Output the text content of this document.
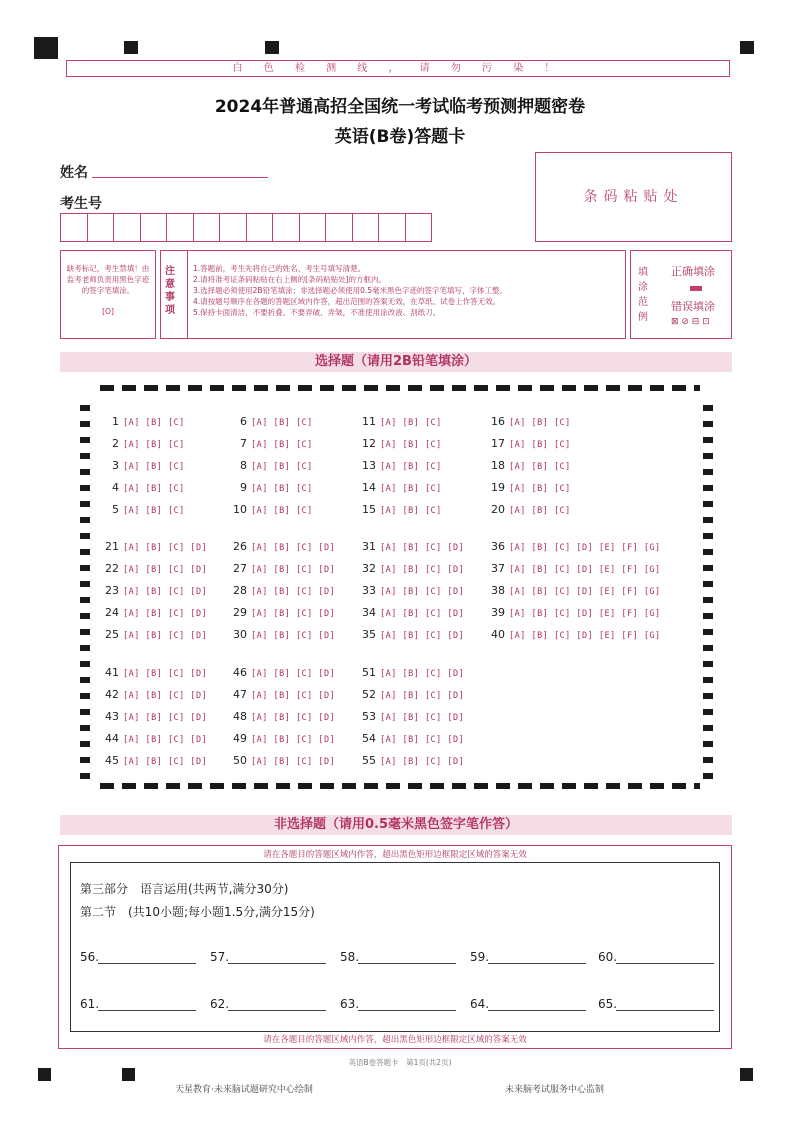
白 色 检 测 线 ， 请 勿 污 染 ！
2024年普通高招全国统一考试临考预测押题密卷
英语(B卷)答题卡
姓名
考生号	条码粘贴处
缺考标记，考生禁填！由监考老师负责用黑色字迹的签字笔填涂。
[O]
注意事项
1.答题前，考生先将自己的姓名、考生号填写清楚。
2.请将准考证条码粘贴在右上侧的[条码粘贴处]的方框内。
3.选择题必须使用2B铅笔填涂；非选择题必须使用0.5毫米黑色字迹的签字笔填写，字体工整。
4.请按题号顺序在各题的答题区域内作答，超出范围的答案无效，在草纸、试卷上作答无效。
5.保持卡面清洁，不要折叠、不要弄破、弄皱，不准使用涂改液、刮纸刀。
填涂范例
正确填涂
错误填涂
⊠ ⊘ ⊟ ⊡
选择题（请用2B铅笔填涂）
1 [A] [B] [C]
2 [A] [B] [C]
3 [A] [B] [C]
4 [A] [B] [C]
5 [A] [B] [C]
6 [A] [B] [C]
7 [A] [B] [C]
8 [A] [B] [C]
9 [A] [B] [C]
10 [A] [B] [C]
11 [A] [B] [C]
12 [A] [B] [C]
13 [A] [B] [C]
14 [A] [B] [C]
15 [A] [B] [C]
16 [A] [B] [C]
17 [A] [B] [C]
18 [A] [B] [C]
19 [A] [B] [C]
20 [A] [B] [C]
21 [A] [B] [C] [D]
22 [A] [B] [C] [D]
23 [A] [B] [C] [D]
24 [A] [B] [C] [D]
25 [A] [B] [C] [D]
26 [A] [B] [C] [D]
27 [A] [B] [C] [D]
28 [A] [B] [C] [D]
29 [A] [B] [C] [D]
30 [A] [B] [C] [D]
31 [A] [B] [C] [D]
32 [A] [B] [C] [D]
33 [A] [B] [C] [D]
34 [A] [B] [C] [D]
35 [A] [B] [C] [D]
36 [A] [B] [C] [D] [E] [F] [G]
37 [A] [B] [C] [D] [E] [F] [G]
38 [A] [B] [C] [D] [E] [F] [G]
39 [A] [B] [C] [D] [E] [F] [G]
40 [A] [B] [C] [D] [E] [F] [G]
41 [A] [B] [C] [D]
42 [A] [B] [C] [D]
43 [A] [B] [C] [D]
44 [A] [B] [C] [D]
45 [A] [B] [C] [D]
46 [A] [B] [C] [D]
47 [A] [B] [C] [D]
48 [A] [B] [C] [D]
49 [A] [B] [C] [D]
50 [A] [B] [C] [D]
51 [A] [B] [C] [D]
52 [A] [B] [C] [D]
53 [A] [B] [C] [D]
54 [A] [B] [C] [D]
55 [A] [B] [C] [D]
非选择题（请用0.5毫米黑色签字笔作答）
请在各题目的答题区域内作答，超出黑色矩形边框限定区域的答案无效
第三部分　语言运用(共两节,满分30分)
第二节　(共10小题;每小题1.5分,满分15分)
56.	57.	58.	59.	60.
61.	62.	63.	64.	65.
请在各题目的答题区域内作答，超出黑色矩形边框限定区域的答案无效
英语B卷答题卡　第1页(共2页)
天星教育·未来脑试题研究中心绘制	未来脑考试服务中心监制
